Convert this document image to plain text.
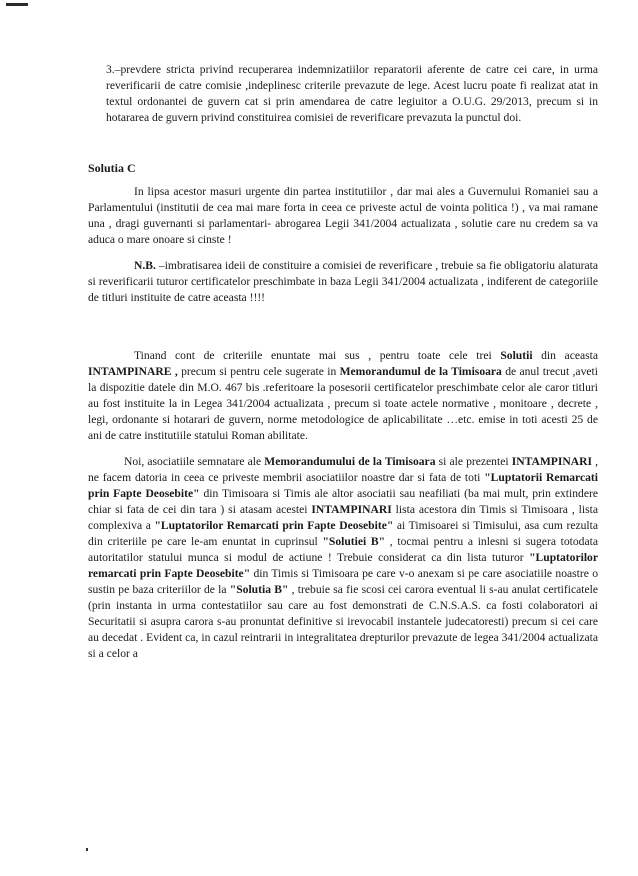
3.–prevdere stricta privind recuperarea indemnizatiilor reparatorii aferente de catre cei care, in urma reverificarii de catre comisie ,indeplinesc criterile prevazute de lege. Acest lucru poate fi realizat atat in textul ordonantei de guvern cat si prin amendarea de catre legiuitor a O.U.G. 29/2013, precum si in hotararea de guvern privind constituirea comisiei de reverificare prevazuta la punctul doi.

Solutia C

In lipsa acestor masuri urgente din partea institutiilor , dar mai ales a Guvernului Romaniei sau a Parlamentului (institutii de cea mai mare forta in ceea ce priveste actul de vointa politica !) , va mai ramane una , dragi guvernanti si parlamentari- abrogarea Legii 341/2004 actualizata , solutie care nu credem sa va aduca o mare onoare si cinste !

N.B. –imbratisarea ideii de constituire a comisiei de reverificare , trebuie sa fie obligatoriu alaturata si reverificarii tuturor certificatelor preschimbate in baza Legii 341/2004 actualizata , indiferent de categoriile de titluri instituite de catre aceasta !!!!

Tinand cont de criteriile enuntate mai sus , pentru toate cele trei Solutii din aceasta INTAMPINARE , precum si pentru cele sugerate in Memorandumul de la Timisoara de anul trecut ,aveti la dispozitie datele din M.O. 467 bis .referitoare la posesorii certificatelor preschimbate celor ale caror titluri au fost instituite la in Legea 341/2004 actualizata , precum si toate actele normative , monitoare , decrete , legi, ordonante si hotarari de guvern, norme metodologice de aplicabilitate …etc. emise in toti acesti 25 de ani de catre institutiile statului Roman abilitate.

Noi, asociatiile semnatare ale Memorandumului de la Timisoara si ale prezentei INTAMPINARI , ne facem datoria in ceea ce priveste membrii asociatiilor noastre dar si fata de toti "Luptatorii Remarcati prin Fapte Deosebite" din Timisoara si Timis ale altor asociatii sau neafiliati (ba mai mult, prin extindere chiar si fata de cei din tara ) si atasam acestei INTAMPINARI lista acestora din Timis si Timisoara , lista complexiva a "Luptatorilor Remarcati prin Fapte Deosebite" ai Timisoarei si Timisului, asa cum rezulta din criteriile pe care le-am enuntat in cuprinsul "Solutiei B" , tocmai pentru a inlesni si sugera totodata autoritatilor statului munca si modul de actiune ! Trebuie considerat ca din lista tuturor "Luptatorilor remarcati prin Fapte Deosebite" din Timis si Timisoara pe care v-o anexam si pe care asociatiile noastre o sustin pe baza criteriilor de la "Solutia B" , trebuie sa fie scosi cei carora eventual li s-au anulat certificatele (prin instanta in urma contestatiilor sau care au fost demonstrati de C.N.S.A.S. ca fosti colaboratori ai Securitatii si asupra carora s-au pronuntat definitive si irevocabil instantele judecatoresti) precum si cei care au decedat . Evident ca, in cazul reintrarii in integralitatea drepturilor prevazute de legea 341/2004 actualizata si a celor a
